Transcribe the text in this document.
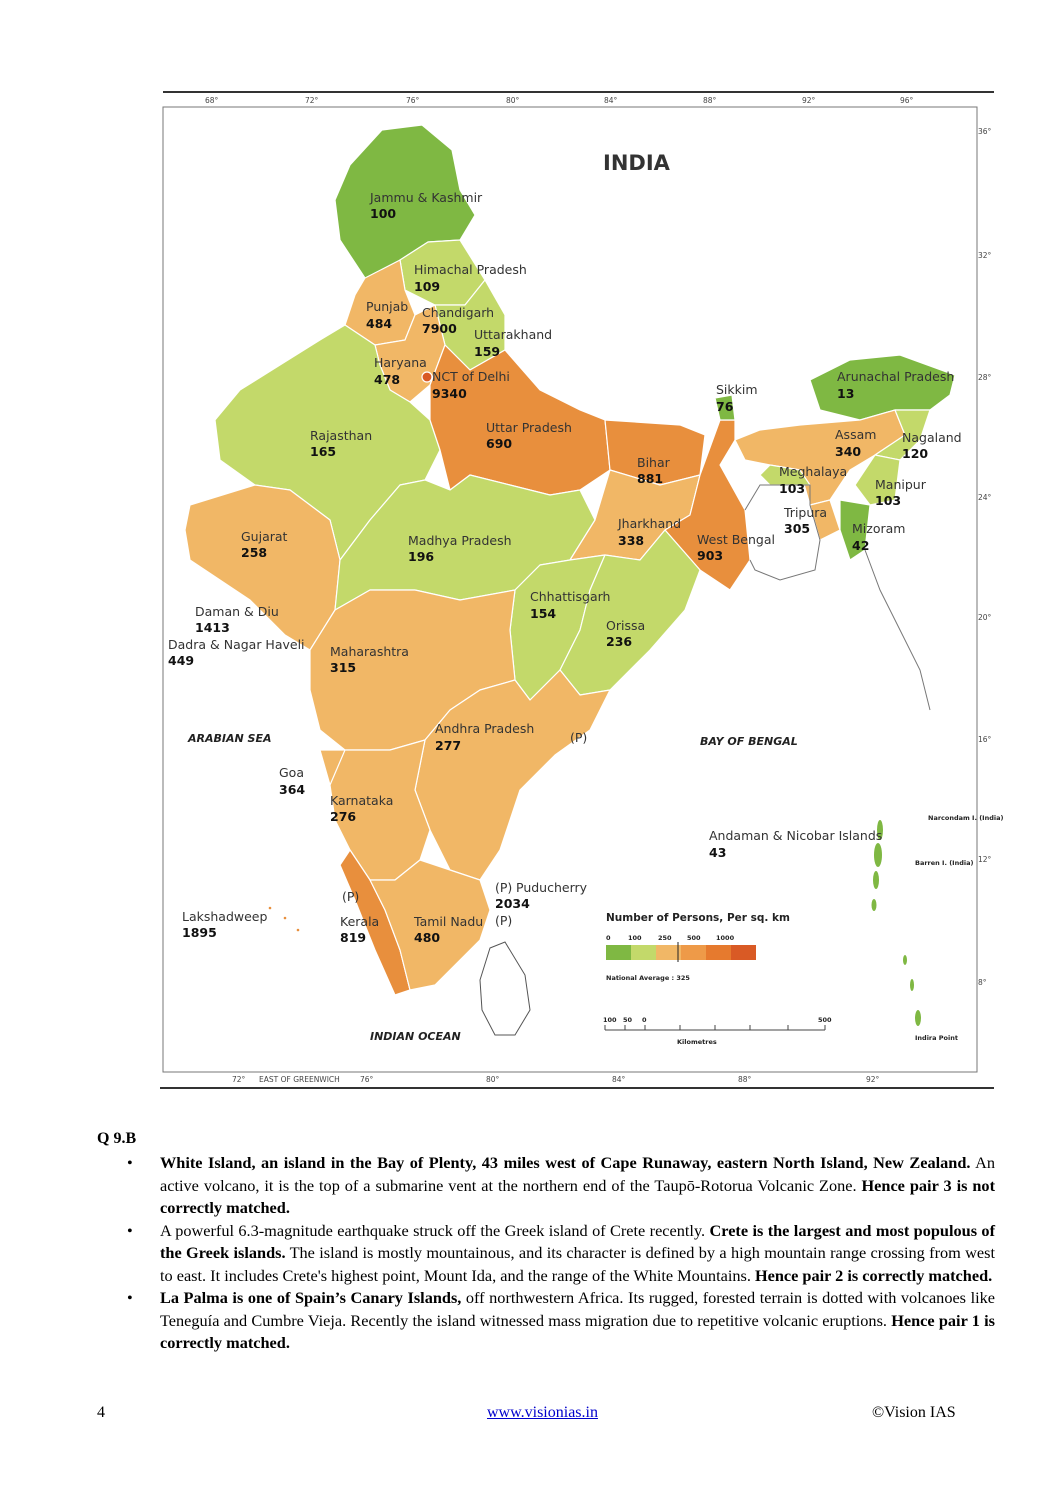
68°	72°	76°	80°	84°	88°	92°	96°
72° EAST OF GREENWICH	76°	80°	84°	88°	92°
36°
32°
28°
24°
20°
16°
12°
8°
INDIA
ARABIAN SEA	BAY OF BENGAL
INDIAN OCEAN
Narcondam I. (India)
Barren I. (India)
Indira Point
(P)
(P)
(P)
(P)
Jammu & Kashmir
100
Himachal Pradesh
109
Punjab
484
Chandigarh
7900 Uttarakhand
159
Haryana
478	NCT of Delhi
9340
Rajasthan
165
Uttar Pradesh
690
Sikkim
76
Arunachal Pradesh
13
Assam
340
Nagaland
120
Meghalaya
103	Manipur
103
Bihar
881
Tripura
305	Mizoram
42
Gujarat
258
Madhya Pradesh
196
Jharkhand
338	West Bengal
903
Daman & Diu
1413
Dadra & Nagar Haveli
449
Chhattisgarh
154
Orissa
236
Maharashtra
315
Andhra Pradesh
277
Goa
364
Karnataka
276
Andaman & Nicobar Islands
43
Puducherry
2034
Lakshadweep
1895
Kerala
819
Tamil Nadu
480
Number of Persons, Per sq. km
0	100	250 500 1000
National Average : 325
100 50 0	500
Kilometres
Q 9.B
• White Island, an island in the Bay of Plenty, 43 miles west of Cape Runaway, eastern North Island, New Zealand. An active volcano, it is the top of a submarine vent at the northern end of the Taupō-Rotorua Volcanic Zone. Hence pair 3 is not correctly matched.
• A powerful 6.3-magnitude earthquake struck off the Greek island of Crete recently. Crete is the largest and most populous of the Greek islands. The island is mostly mountainous, and its character is defined by a high mountain range crossing from west to east. It includes Crete's highest point, Mount Ida, and the range of the White Mountains. Hence pair 2 is correctly matched.
• La Palma is one of Spain’s Canary Islands, off northwestern Africa. Its rugged, forested terrain is dotted with volcanoes like Teneguía and Cumbre Vieja. Recently the island witnessed mass migration due to repetitive volcanic eruptions. Hence pair 1 is correctly matched.
4	www.visionias.in	©Vision IAS
